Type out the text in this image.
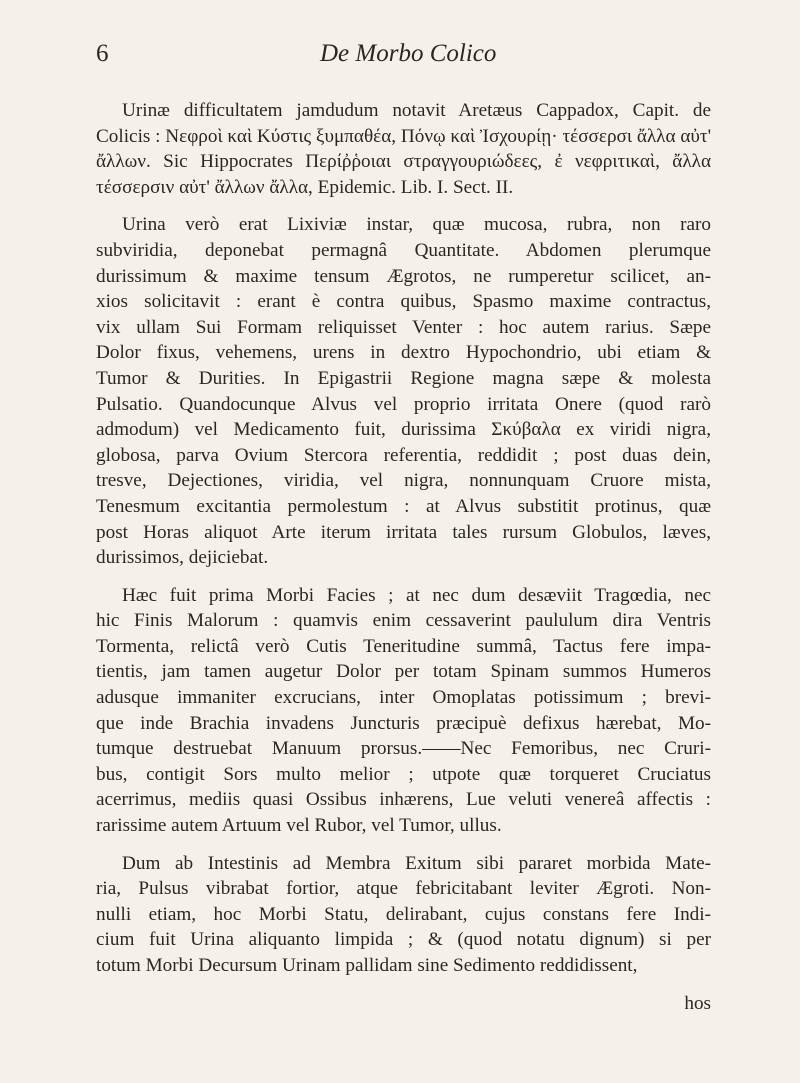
6	De Morbo Colico
Urinæ difficultatem jamdudum notavit Aretæus Cappadox, Capit. de
Colicis : Νεφροὶ καὶ Κύστις ξυμπαθέα, Πόνῳ καὶ Ἰσχουρίῃ· τέσσερσι ἄλλα αὐτ'
ἄλλων. Sic Hippocrates Περίῤῥοιαι στραγγουριώδεες, ἐ νεφριτικαὶ, ἄλλα
τέσσερσιν αὐτ' ἄλλων ἄλλα, Epidemic. Lib. I. Sect. II.
Urina verò erat Lixiviæ instar, quæ mucosa, rubra, non raro
subviridia, deponebat permagnâ Quantitate. Abdomen plerumque
durissimum & maxime tensum Ægrotos, ne rumperetur scilicet, an-
xios solicitavit : erant è contra quibus, Spasmo maxime contractus,
vix ullam Sui Formam reliquisset Venter : hoc autem rarius. Sæpe
Dolor fixus, vehemens, urens in dextro Hypochondrio, ubi etiam &
Tumor & Durities. In Epigastrii Regione magna sæpe & molesta
Pulsatio. Quandocunque Alvus vel proprio irritata Onere (quod rarò
admodum) vel Medicamento fuit, durissima Σκύβαλα ex viridi nigra,
globosa, parva Ovium Stercora referentia, reddidit ; post duas dein,
tresve, Dejectiones, viridia, vel nigra, nonnunquam Cruore mista,
Tenesmum excitantia permolestum : at Alvus substitit protinus, quæ
post Horas aliquot Arte iterum irritata tales rursum Globulos, læves,
durissimos, dejiciebat.
Hæc fuit prima Morbi Facies ; at nec dum desæviit Tragœdia, nec
hic Finis Malorum : quamvis enim cessaverint paululum dira Ventris
Tormenta, relictâ verò Cutis Teneritudine summâ, Tactus fere impa-
tientis, jam tamen augetur Dolor per totam Spinam summos Humeros
adusque immaniter excrucians, inter Omoplatas potissimum ; brevi-
que inde Brachia invadens Juncturis præcipuè defixus hærebat, Mo-
tumque destruebat Manuum prorsus.——Nec Femoribus, nec Cruri-
bus, contigit Sors multo melior ; utpote quæ torqueret Cruciatus
acerrimus, mediis quasi Ossibus inhærens, Lue veluti venereâ affectis :
rarissime autem Artuum vel Rubor, vel Tumor, ullus.
Dum ab Intestinis ad Membra Exitum sibi pararet morbida Mate-
ria, Pulsus vibrabat fortior, atque febricitabant leviter Ægroti. Non-
nulli etiam, hoc Morbi Statu, delirabant, cujus constans fere Indi-
cium fuit Urina aliquanto limpida ; & (quod notatu dignum) si per
totum Morbi Decursum Urinam pallidam sine Sedimento reddidissent,
hos
